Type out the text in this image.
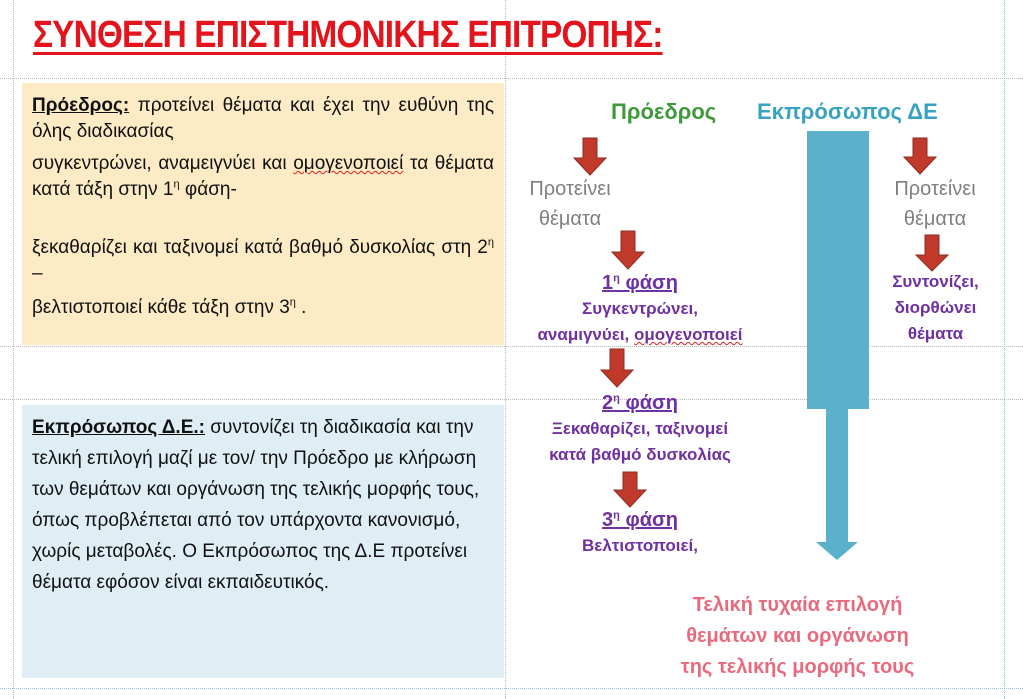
ΣΥΝΘΕΣΗ ΕΠΙΣΤΗΜΟΝΙΚΗΣ ΕΠΙΤΡΟΠΗΣ:
Πρόεδρος: προτείνει θέματα και έχει την ευθύνη της όλης διαδικασίας
συγκεντρώνει, αναμειγνύει και ομογενοποιεί τα θέματα κατά τάξη στην $1^\eta$ φάση-
ξεκαθαρίζει και ταξινομεί κατά βαθμό δυσκολίας στη $2^\eta$ –
βελτιστοποιεί κάθε τάξη στην $3^\eta$ .
Εκπρόσωπος Δ.Ε.: συντονίζει τη διαδικασία και την τελική επιλογή μαζί με τον/ την Πρόεδρο με κλήρωση των θεμάτων και οργάνωση της τελικής μορφής τους, όπως προβλέπεται από τον υπάρχοντα κανονισμό, χωρίς μεταβολές. Ο Εκπρόσωπος της Δ.Ε προτείνει θέματα εφόσον είναι εκπαιδευτικός.
Πρόεδρος Εκπρόσωπος ΔΕ
Προτείνει
θέματα
Προτείνει
θέματα
Συντονίζει,
διορθώνει
θέματα
$1^\eta$ φάση
Συγκεντρώνει,
αναμιγνύει, ομογενοποιεί
$2^\eta$ φάση
Ξεκαθαρίζει, ταξινομεί
κατά βαθμό δυσκολίας
$3^\eta$ φάση
Βελτιστοποιεί,
Τελική τυχαία επιλογή
θεμάτων και οργάνωση
της τελικής μορφής τους
